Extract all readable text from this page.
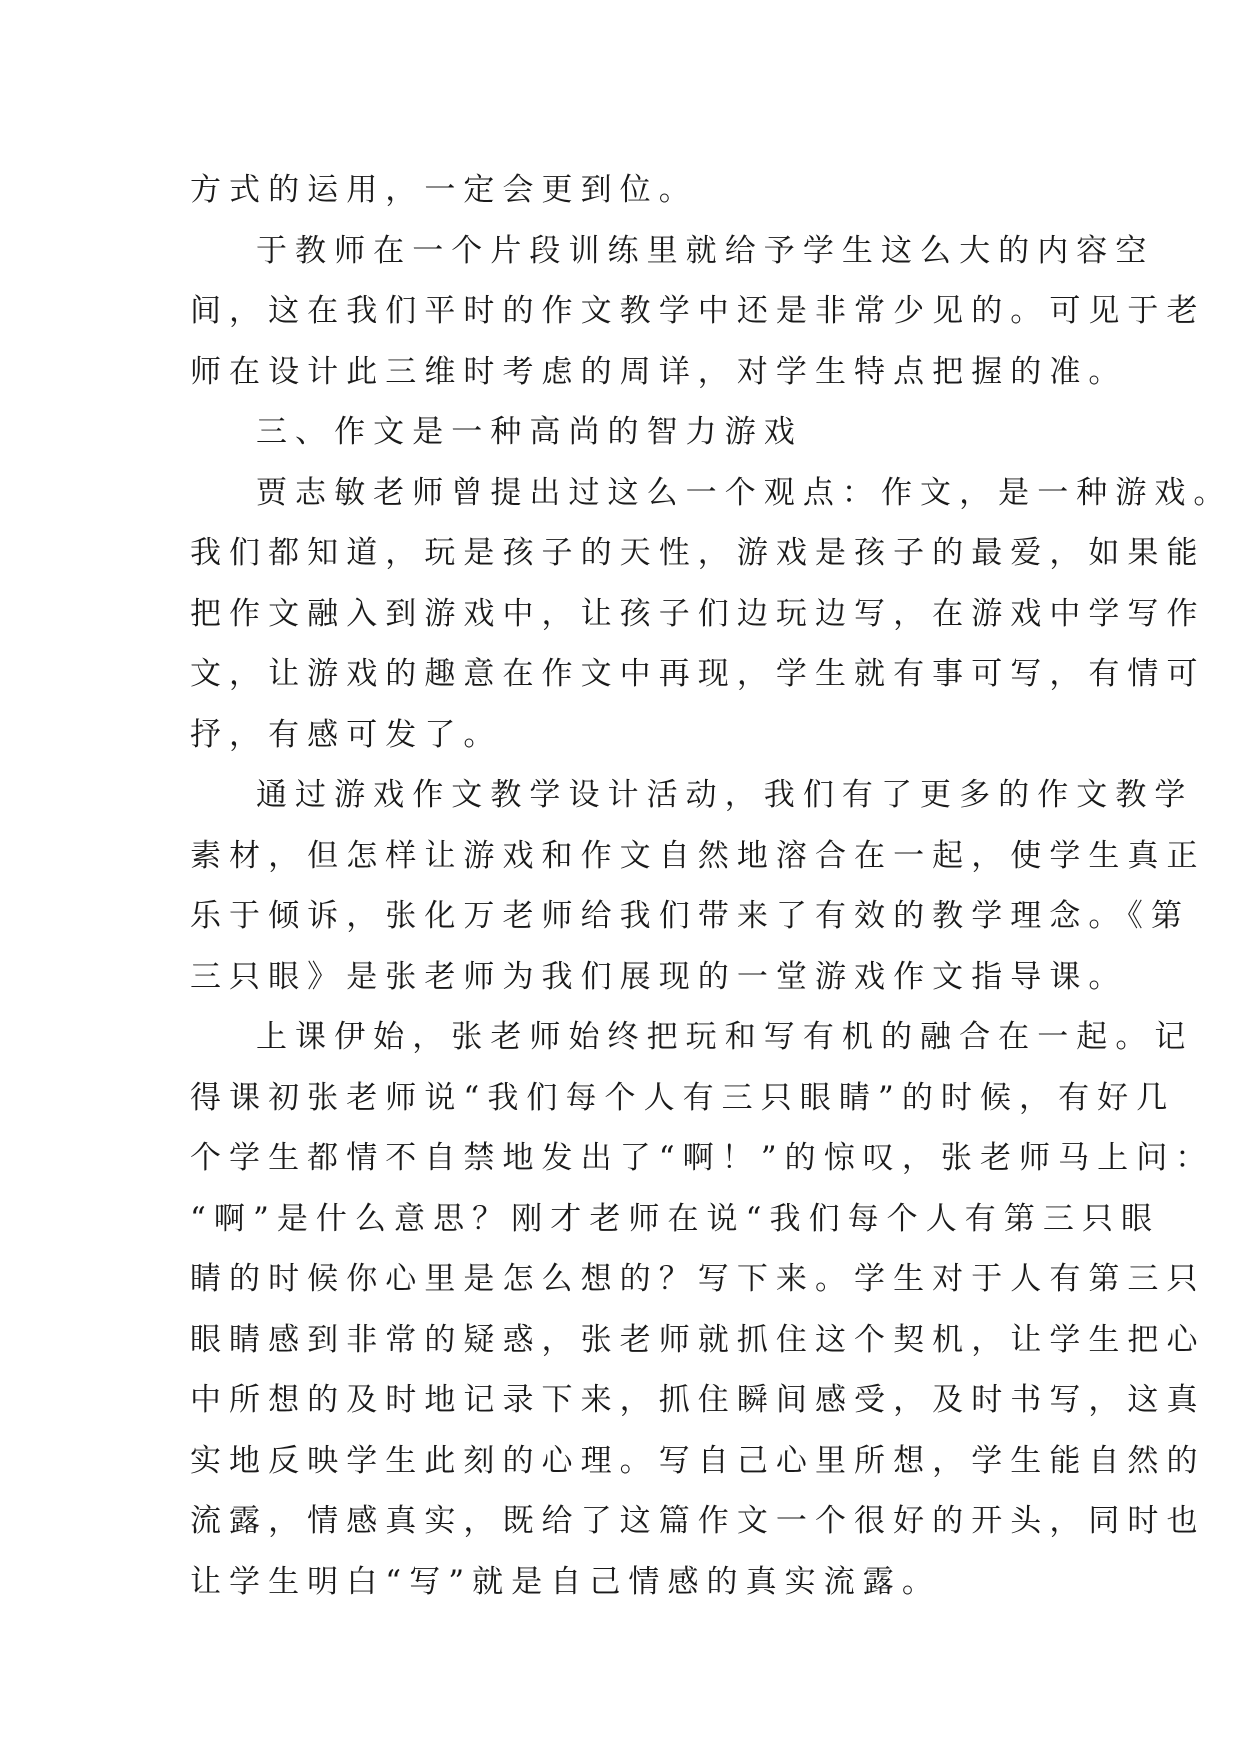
方式的运用，一定会更到位。
于教师在一个片段训练里就给予学生这么大的内容空
间，这在我们平时的作文教学中还是非常少见的。可见于老
师在设计此三维时考虑的周详，对学生特点把握的准。
三、作文是一种高尚的智力游戏
贾志敏老师曾提出过这么一个观点：作文，是一种游戏。
我们都知道，玩是孩子的天性，游戏是孩子的最爱，如果能
把作文融入到游戏中，让孩子们边玩边写，在游戏中学写作
文，让游戏的趣意在作文中再现，学生就有事可写，有情可
抒，有感可发了。
通过游戏作文教学设计活动，我们有了更多的作文教学
素材，但怎样让游戏和作文自然地溶合在一起，使学生真正
乐于倾诉，张化万老师给我们带来了有效的教学理念。《第
三只眼》是张老师为我们展现的一堂游戏作文指导课。
上课伊始，张老师始终把玩和写有机的融合在一起。记
得课初张老师说“我们每个人有三只眼睛”的时候，有好几
个学生都情不自禁地发出了“啊！”的惊叹，张老师马上问：
“啊”是什么意思？刚才老师在说“我们每个人有第三只眼
睛的时候你心里是怎么想的？写下来。学生对于人有第三只
眼睛感到非常的疑惑，张老师就抓住这个契机，让学生把心
中所想的及时地记录下来，抓住瞬间感受，及时书写，这真
实地反映学生此刻的心理。写自己心里所想，学生能自然的
流露，情感真实，既给了这篇作文一个很好的开头，同时也
让学生明白“写”就是自己情感的真实流露。
